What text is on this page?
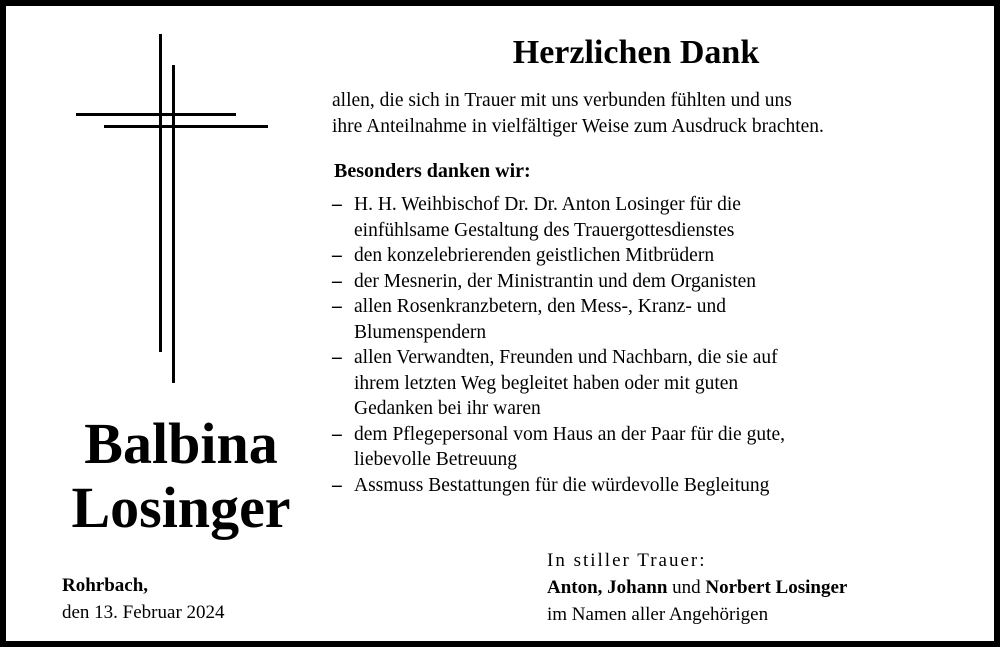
Herzlichen Dank
allen, die sich in Trauer mit uns verbunden fühlten und uns
ihre Anteilnahme in vielfältiger Weise zum Ausdruck brachten.
Besonders danken wir:
– H. H. Weihbischof Dr. Dr. Anton Losinger für die
einfühlsame Gestaltung des Trauergottesdienstes
– den konzelebrierenden geistlichen Mitbrüdern
– der Mesnerin, der Ministrantin und dem Organisten
– allen Rosenkranzbetern, den Mess-, Kranz- und
Blumenspendern
– allen Verwandten, Freunden und Nachbarn, die sie auf
ihrem letzten Weg begleitet haben oder mit guten
Gedanken bei ihr waren
– dem Pflegepersonal vom Haus an der Paar für die gute,
liebevolle Betreuung
– Assmuss Bestattungen für die würdevolle Begleitung
Balbina
Losinger
Rohrbach,
den 13. Februar 2024
In stiller Trauer:
Anton, Johann und Norbert Losinger
im Namen aller Angehörigen
